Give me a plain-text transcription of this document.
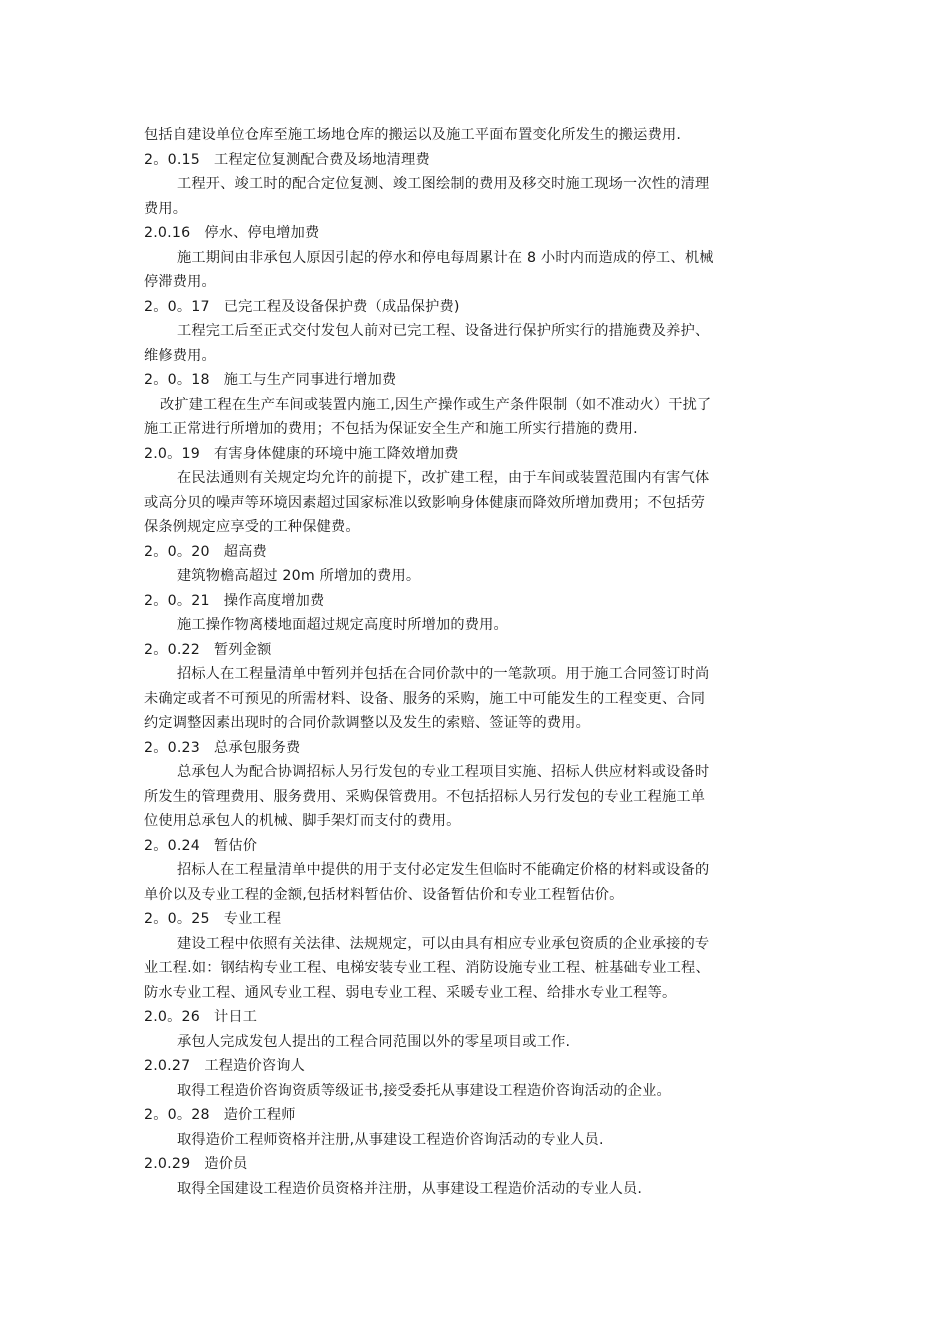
包括自建设单位仓库至施工场地仓库的搬运以及施工平面布置变化所发生的搬运费用.
2。0.15 工程定位复测配合费及场地清理费
工程开、竣工时的配合定位复测、竣工图绘制的费用及移交时施工现场一次性的清理
费用。
2.0.16 停水、停电增加费
施工期间由非承包人原因引起的停水和停电每周累计在 8 小时内而造成的停工、机械
停滞费用。
2。0。17 已完工程及设备保护费（成品保护费)
工程完工后至正式交付发包人前对已完工程、设备进行保护所实行的措施费及养护、
维修费用。
2。0。18 施工与生产同事进行增加费
改扩建工程在生产车间或装置内施工,因生产操作或生产条件限制（如不准动火）干扰了
施工正常进行所增加的费用；不包括为保证安全生产和施工所实行措施的费用.
2.0。19 有害身体健康的环境中施工降效增加费
在民法通则有关规定均允许的前提下，改扩建工程，由于车间或装置范围内有害气体
或高分贝的噪声等环境因素超过国家标准以致影响身体健康而降效所增加费用；不包括劳
保条例规定应享受的工种保健费。
2。0。20 超高费
建筑物檐高超过 20m 所增加的费用。
2。0。21 操作高度增加费
施工操作物离楼地面超过规定高度时所增加的费用。
2。0.22 暂列金额
招标人在工程量清单中暂列并包括在合同价款中的一笔款项。用于施工合同签订时尚
未确定或者不可预见的所需材料、设备、服务的采购，施工中可能发生的工程变更、合同
约定调整因素出现时的合同价款调整以及发生的索赔、签证等的费用。
2。0.23 总承包服务费
总承包人为配合协调招标人另行发包的专业工程项目实施、招标人供应材料或设备时
所发生的管理费用、服务费用、采购保管费用。不包括招标人另行发包的专业工程施工单
位使用总承包人的机械、脚手架灯而支付的费用。
2。0.24 暂估价
招标人在工程量清单中提供的用于支付必定发生但临时不能确定价格的材料或设备的
单价以及专业工程的金额,包括材料暂估价、设备暂估价和专业工程暂估价。
2。0。25 专业工程
建设工程中依照有关法律、法规规定，可以由具有相应专业承包资质的企业承接的专
业工程.如：钢结构专业工程、电梯安装专业工程、消防设施专业工程、桩基础专业工程、
防水专业工程、通风专业工程、弱电专业工程、采暖专业工程、给排水专业工程等。
2.0。26 计日工
承包人完成发包人提出的工程合同范围以外的零星项目或工作.
2.0.27 工程造价咨询人
取得工程造价咨询资质等级证书,接受委托从事建设工程造价咨询活动的企业。
2。0。28 造价工程师
取得造价工程师资格并注册,从事建设工程造价咨询活动的专业人员.
2.0.29 造价员
取得全国建设工程造价员资格并注册，从事建设工程造价活动的专业人员.
